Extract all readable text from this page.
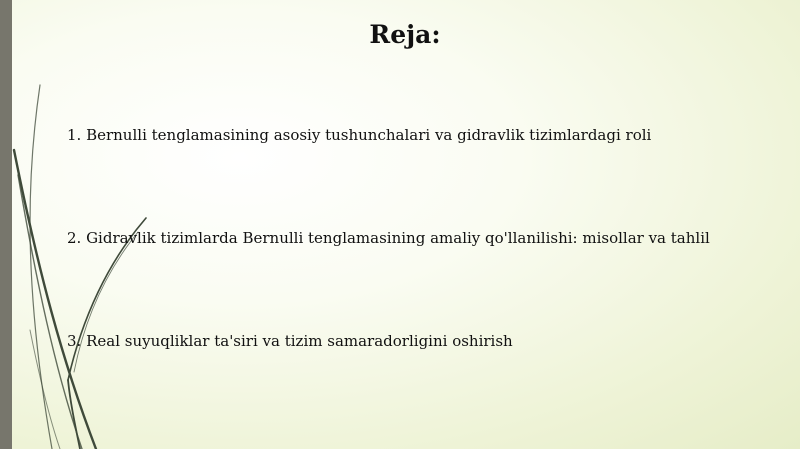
Reja:
1. Bernulli tenglamasining asosiy tushunchalari va gidravlik tizimlardagi roli
2. Gidravlik tizimlarda Bernulli tenglamasining amaliy qo'llanilishi: misollar va tahlil
3. Real suyuqliklar ta'siri va tizim samaradorligini oshirish
